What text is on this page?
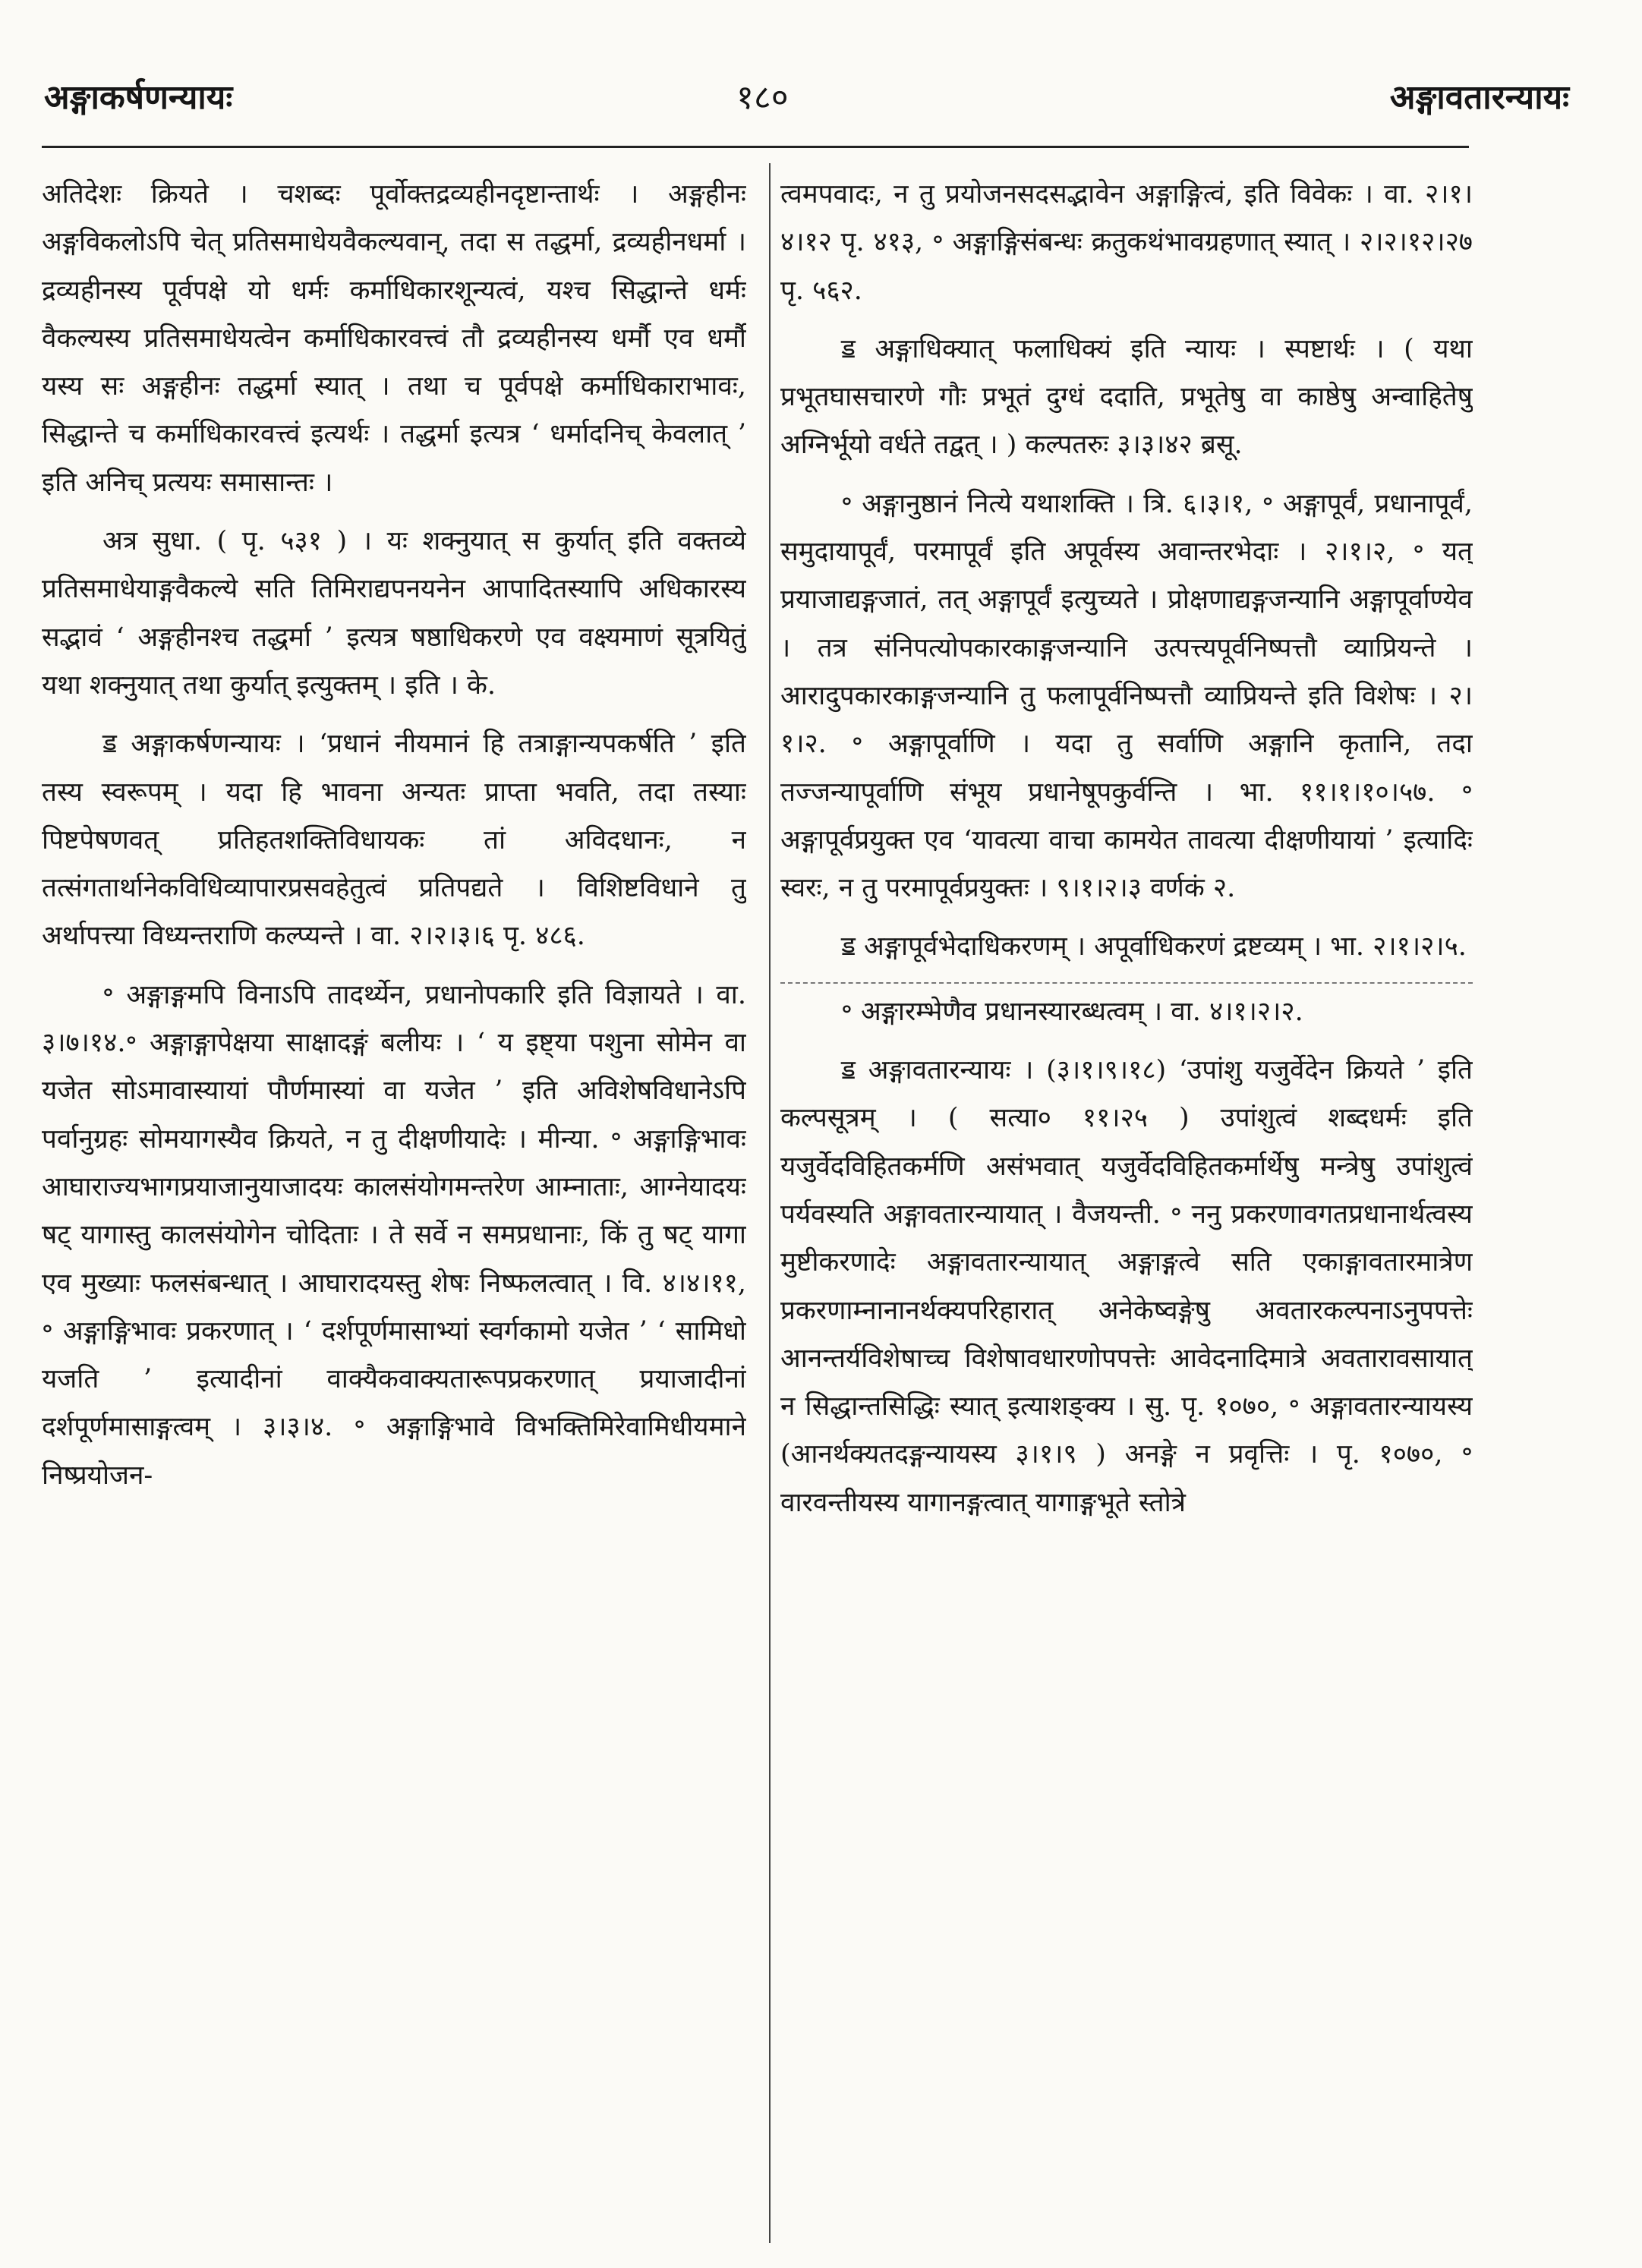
अङ्गाकर्षणन्यायः	१८०	अङ्गावतारन्यायः

अतिदेशः क्रियते । चशब्दः पूर्वोक्तद्रव्यहीनदृष्टान्तार्थः । अङ्गहीनः अङ्गविकलोऽपि चेत् प्रतिसमाधेयवैकल्यवान्, तदा स तद्धर्मा, द्रव्यहीनधर्मा । द्रव्यहीनस्य पूर्वपक्षे यो धर्मः कर्माधिकारशून्यत्वं, यश्च सिद्धान्ते धर्मः वैकल्यस्य प्रतिसमाधेयत्वेन कर्माधिकारवत्त्वं तौ द्रव्यहीनस्य धर्मौ एव धर्मौ यस्य सः अङ्गहीनः तद्धर्मा स्यात् । तथा च पूर्वपक्षे कर्माधिकाराभावः, सिद्धान्ते च कर्माधिकारवत्त्वं इत्यर्थः । तद्धर्मा इत्यत्र ‘ धर्मादनिच् केवलात् ’ इति अनिच् प्रत्ययः समासान्तः ।

अत्र सुधा. ( पृ. ५३१ ) । यः शक्नुयात् स कुर्यात् इति वक्तव्ये प्रतिसमाधेयाङ्गवैकल्ये सति तिमिराद्यपनयनेन आपादितस्यापि अधिकारस्य सद्भावं ‘ अङ्गहीनश्च तद्धर्मा ’ इत्यत्र षष्ठाधिकरणे एव वक्ष्यमाणं सूत्रयितुं यथा शक्नुयात् तथा कुर्यात् इत्युक्तम् । इति । के.

ॾ अङ्गाकर्षणन्यायः । ‘प्रधानं नीयमानं हि तत्राङ्गान्यपकर्षति ’ इति तस्य स्वरूपम् । यदा हि भावना अन्यतः प्राप्ता भवति, तदा तस्याः पिष्टपेषणवत् प्रतिहतशक्तिविधायकः तां अविदधानः, न तत्संगतार्थानेकविधिव्यापारप्रसवहेतुत्वं प्रतिपद्यते । विशिष्टविधाने तु अर्थापत्त्या विध्यन्तराणि कल्प्यन्ते । वा. २।२।३।६ पृ. ४८६.

॰ अङ्गाङ्गमपि विनाऽपि तादर्थ्येन, प्रधानोपकारि इति विज्ञायते । वा. ३।७।१४.॰ अङ्गाङ्गापेक्षया साक्षादङ्गं बलीयः । ‘ य इष्ट्या पशुना सोमेन वा यजेत सोऽमावास्यायां पौर्णमास्यां वा यजेत ’ इति अविशेषविधानेऽपि पर्वानुग्रहः सोमयागस्यैव क्रियते, न तु दीक्षणीयादेः । मीन्या. ॰ अङ्गाङ्गिभावः आघाराज्यभागप्रयाजानुयाजादयः कालसंयोगमन्तरेण आम्नाताः, आग्नेयादयः षट् यागास्तु कालसंयोगेन चोदिताः । ते सर्वे न समप्रधानाः, किं तु षट् यागा एव मुख्याः फलसंबन्धात् । आघारादयस्तु शेषः निष्फलत्वात् । वि. ४।४।११, ॰ अङ्गाङ्गिभावः प्रकरणात् । ‘ दर्शपूर्णमासाभ्यां स्वर्गकामो यजेत ’ ‘ सामिधो यजति ’ इत्यादीनां वाक्यैकवाक्यतारूपप्रकरणात् प्रयाजादीनां दर्शपूर्णमासाङ्गत्वम् । ३।३।४. ॰ अङ्गाङ्गिभावे विभक्तिमिरेवामिधीयमाने निष्प्रयोजन-

त्वमपवादः, न तु प्रयोजनसदसद्भावेन अङ्गाङ्गित्वं, इति विवेकः । वा. २।१।४।१२ पृ. ४१३, ॰ अङ्गाङ्गिसंबन्धः क्रतुकथंभावग्रहणात् स्यात् । २।२।१२।२७ पृ. ५६२.

ॾ अङ्गाधिक्यात् फलाधिक्यं इति न्यायः । स्पष्टार्थः । ( यथा प्रभूतघासचारणे गौः प्रभूतं दुग्धं ददाति, प्रभूतेषु वा काष्ठेषु अन्वाहितेषु अग्निर्भूयो वर्धते तद्वत् । ) कल्पतरुः ३।३।४२ ब्रसू.

॰ अङ्गानुष्ठानं नित्ये यथाशक्ति । त्रि. ६।३।१, ॰ अङ्गापूर्वं, प्रधानापूर्वं, समुदायापूर्वं, परमापूर्वं इति अपूर्वस्य अवान्तरभेदाः । २।१।२, ॰ यत् प्रयाजाद्यङ्गजातं, तत् अङ्गापूर्वं इत्युच्यते । प्रोक्षणाद्यङ्गजन्यानि अङ्गापूर्वाण्येव । तत्र संनिपत्योपकारकाङ्गजन्यानि उत्पत्त्यपूर्वनिष्पत्तौ व्याप्रियन्ते । आरादुपकारकाङ्गजन्यानि तु फलापूर्वनिष्पत्तौ व्याप्रियन्ते इति विशेषः । २।१।२. ॰ अङ्गापूर्वाणि । यदा तु सर्वाणि अङ्गानि कृतानि, तदा तज्जन्यापूर्वाणि संभूय प्रधानेषूपकुर्वन्ति । भा. ११।१।१०।५७. ॰ अङ्गापूर्वप्रयुक्त एव ‘यावत्या वाचा कामयेत तावत्या दीक्षणीयायां ’ इत्यादिः स्वरः, न तु परमापूर्वप्रयुक्तः । ९।१।२।३ वर्णकं २.

ॾ अङ्गापूर्वभेदाधिकरणम् । अपूर्वाधिकरणं द्रष्टव्यम् । भा. २।१।२।५.

॰ अङ्गारम्भेणैव प्रधानस्यारब्धत्वम् । वा. ४।१।२।२.

ॾ अङ्गावतारन्यायः । (३।१।९।१८) ‘उपांशु यजुर्वेदेन क्रियते ’ इति कल्पसूत्रम् । ( सत्या० ११।२५ ) उपांशुत्वं शब्दधर्मः इति यजुर्वेदविहितकर्मणि असंभवात् यजुर्वेदविहितकर्मार्थेषु मन्त्रेषु उपांशुत्वं पर्यवस्यति अङ्गावतारन्यायात् । वैजयन्ती. ॰ ननु प्रकरणावगतप्रधानार्थत्वस्य मुष्टीकरणादेः अङ्गावतारन्यायात् अङ्गाङ्गत्वे सति एकाङ्गावतारमात्रेण प्रकरणाम्नानानर्थक्यपरिहारात् अनेकेष्वङ्गेषु अवतारकल्पनाऽनुपपत्तेः आनन्तर्यविशेषाच्च विशेषावधारणोपपत्तेः आवेदनादिमात्रे अवतारावसायात् न सिद्धान्तसिद्धिः स्यात् इत्याशङ्क्य । सु. पृ. १०७०, ॰ अङ्गावतारन्यायस्य (आनर्थक्यतदङ्गन्यायस्य ३।१।९ ) अनङ्गे न प्रवृत्तिः । पृ. १०७०, ॰ वारवन्तीयस्य यागानङ्गत्वात् यागाङ्गभूते स्तोत्रे
